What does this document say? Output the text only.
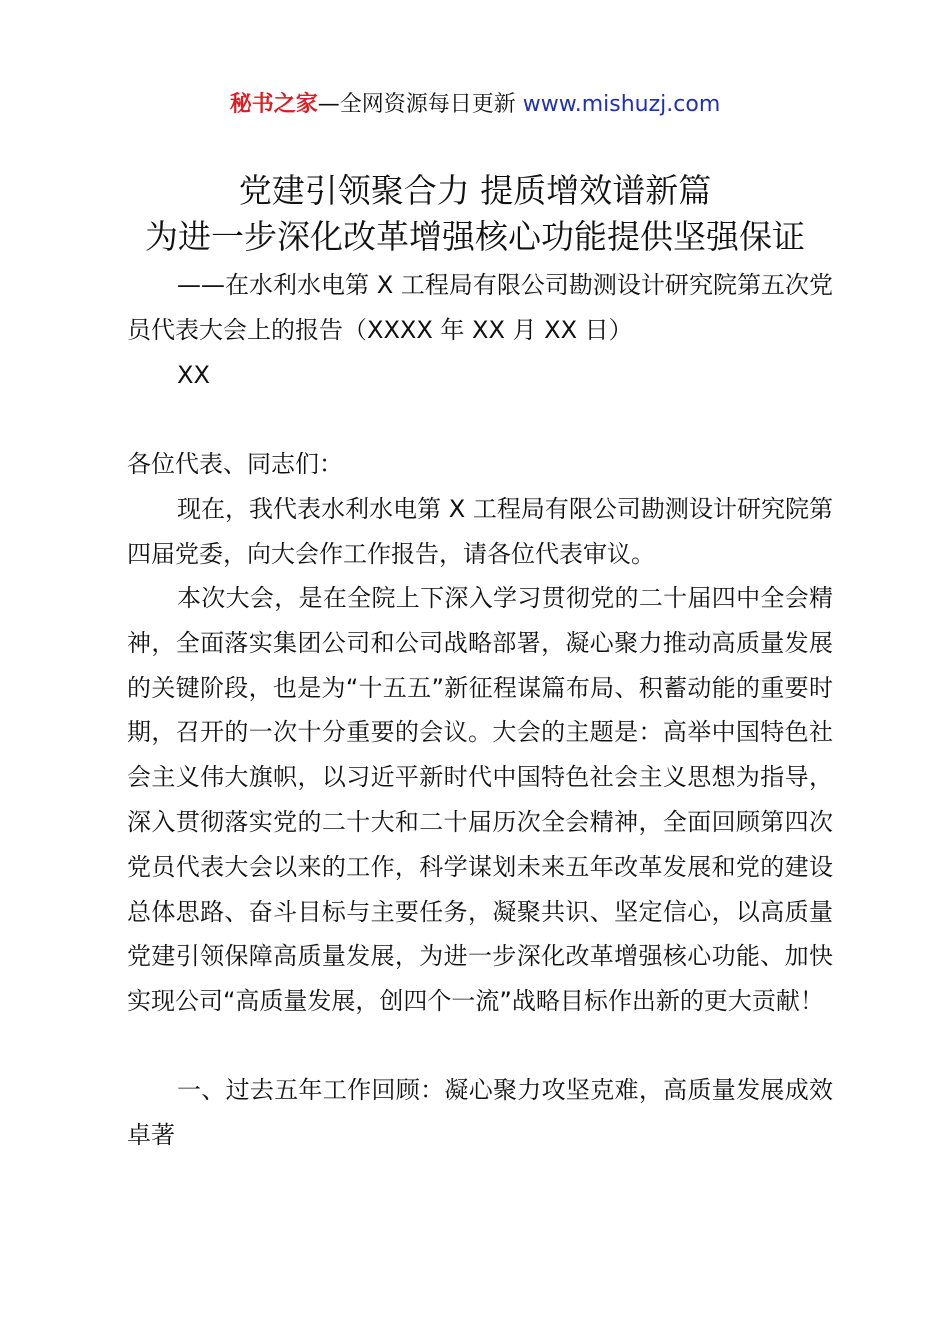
秘书之家—全网资源每日更新 www.mishuzj.com
党建引领聚合力 提质增效谱新篇
为进一步深化改革增强核心功能提供坚强保证
——在水利水电第 X 工程局有限公司勘测设计研究院第五次党员代表大会上的报告（XXXX 年 XX 月 XX 日）
XX
各位代表、同志们：
现在，我代表水利水电第 X 工程局有限公司勘测设计研究院第四届党委，向大会作工作报告，请各位代表审议。
本次大会，是在全院上下深入学习贯彻党的二十届四中全会精神，全面落实集团公司和公司战略部署，凝心聚力推动高质量发展的关键阶段，也是为“十五五”新征程谋篇布局、积蓄动能的重要时期，召开的一次十分重要的会议。大会的主题是：高举中国特色社会主义伟大旗帜，以习近平新时代中国特色社会主义思想为指导，深入贯彻落实党的二十大和二十届历次全会精神，全面回顾第四次党员代表大会以来的工作，科学谋划未来五年改革发展和党的建设总体思路、奋斗目标与主要任务，凝聚共识、坚定信心，以高质量党建引领保障高质量发展，为进一步深化改革增强核心功能、加快实现公司“高质量发展，创四个一流”战略目标作出新的更大贡献！
一、过去五年工作回顾：凝心聚力攻坚克难，高质量发展成效卓著
